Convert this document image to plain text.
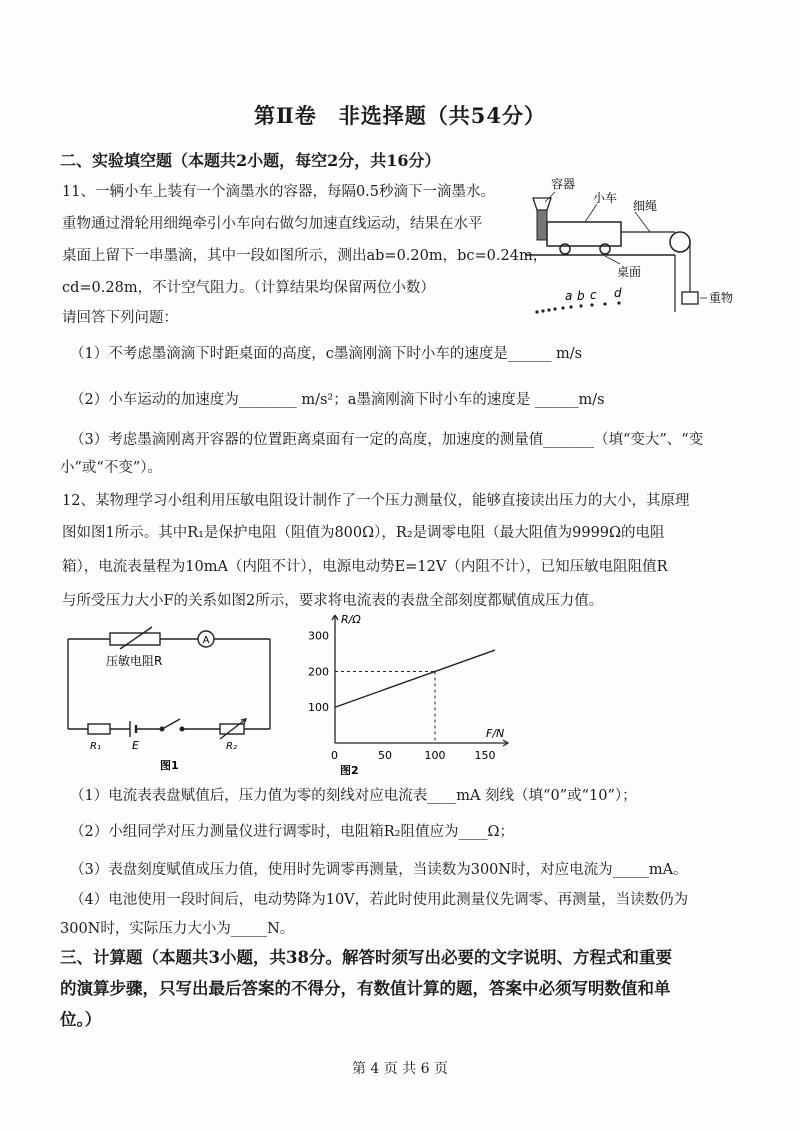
第Ⅱ卷　非选择题（共54分）
二、实验填空题（本题共2小题，每空2分，共16分）
11、一辆小车上装有一个滴墨水的容器，每隔0.5秒滴下一滴墨水。
重物通过滑轮用细绳牵引小车向右做匀加速直线运动，结果在水平
桌面上留下一串墨滴，其中一段如图所示，测出ab=0.20m，bc=0.24m，
cd=0.28m，不计空气阻力。（计算结果均保留两位小数）
请回答下列问题：
容器
小车
细绳
桌面
重物
a b c d
（1）不考虑墨滴滴下时距桌面的高度，c墨滴刚滴下时小车的速度是______ m/s
（2）小车运动的加速度为________ m/s²；a墨滴刚滴下时小车的速度是 ______m/s
（3）考虑墨滴刚离开容器的位置距离桌面有一定的高度，加速度的测量值_______（填“变大”、“变
小”或“不变”）。
12、某物理学习小组利用压敏电阻设计制作了一个压力测量仪，能够直接读出压力的大小，其原理
图如图1所示。其中R₁是保护电阻（阻值为800Ω），R₂是调零电阻（最大阻值为9999Ω的电阻
箱），电流表量程为10mA（内阻不计），电源电动势E=12V（内阻不计），已知压敏电阻阻值R
与所受压力大小F的关系如图2所示，要求将电流表的表盘全部刻度都赋值成压力值。
A
压敏电阻R
R₁	E	R₂
图1
50	100	150
100
200
300
R/Ω
F/N
0
图2
（1）电流表表盘赋值后，压力值为零的刻线对应电流表____mA 刻线（填“0”或“10”）；
（2）小组同学对压力测量仪进行调零时，电阻箱R₂阻值应为____Ω；
（3）表盘刻度赋值成压力值，使用时先调零再测量，当读数为300N时，对应电流为_____mA。
（4）电池使用一段时间后，电动势降为10V，若此时使用此测量仪先调零、再测量，当读数仍为
300N时，实际压力大小为_____N。
三、计算题（本题共3小题，共38分。解答时须写出必要的文字说明、方程式和重要
的演算步骤，只写出最后答案的不得分，有数值计算的题，答案中必须写明数值和单
位。）
第 4 页 共 6 页
